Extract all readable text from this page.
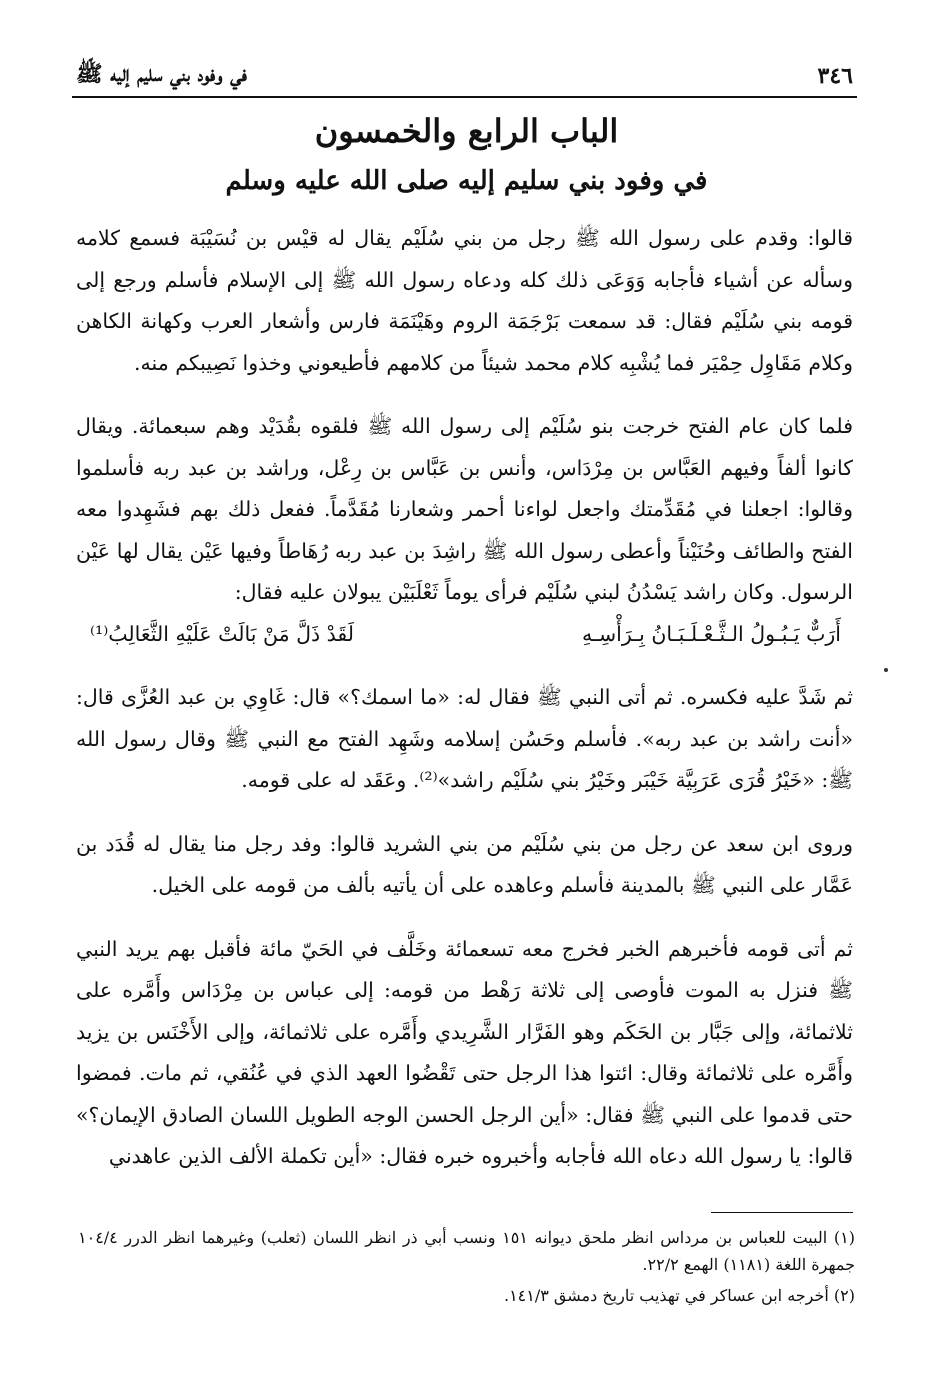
٣٤٦
في وفود بني سليم إليه ﷺ
الباب الرابع والخمسون
في وفود بني سليم إليه صلى الله عليه وسلم

قالوا: وقدم على رسول الله ﷺ رجل من بني سُلَيْم يقال له قيْس بن نُسَيْبَة فسمع كلامه وسأله عن أشياء فأجابه وَوَعَى ذلك كله ودعاه رسول الله ﷺ إلى الإسلام فأسلم ورجع إلى قومه بني سُلَيْم فقال: قد سمعت بَرْجَمَة الروم وهَيْنَمَة فارس وأشعار العرب وكهانة الكاهن وكلام مَقَاوِل حِمْيَر فما يُشْبِه كلام محمد شيئاً من كلامهم فأطيعوني وخذوا نَصِيبكم منه.

فلما كان عام الفتح خرجت بنو سُلَيْم إلى رسول الله ﷺ فلقوه بقُدَيْد وهم سبعمائة. ويقال كانوا ألفاً وفيهم العَبَّاس بن مِرْدَاس، وأنس بن عَبَّاس بن رِعْل، وراشد بن عبد ربه فأسلموا وقالوا: اجعلنا في مُقَدِّمتك واجعل لواءنا أحمر وشعارنا مُقَدَّماً. ففعل ذلك بهم فشَهِدوا معه الفتح والطائف وحُنَيْناً وأعطى رسول الله ﷺ راشِدَ بن عبد ربه رُهَاطاً وفيها عَيْن يقال لها عَيْن الرسول. وكان راشد يَسْدُنُ لبني سُلَيْم فرأى يوماً ثَعْلَبَيْن يبولان عليه فقال:

أَرَبٌّ يَـبُـولُ الـثَّـعْـلَـبَـانُ بِـرَأْسِـهِ
لَقَدْ ذَلَّ مَنْ بَالَتْ عَلَيْهِ الثَّعَالِبُ⁽¹⁾

ثم شَدَّ عليه فكسره. ثم أتى النبي ﷺ فقال له: «ما اسمك؟» قال: غَاوِي بن عبد العُزَّى قال: «أنت راشد بن عبد ربه». فأسلم وحَسُن إسلامه وشَهِد الفتح مع النبي ﷺ وقال رسول الله ﷺ: «خَيْرُ قُرَى عَرَبِيَّة خَيْبَر وخَيْرُ بني سُلَيْم راشد»⁽²⁾. وعَقَد له على قومه.

وروى ابن سعد عن رجل من بني سُلَيْم من بني الشريد قالوا: وفد رجل منا يقال له قُدَد بن عَمَّار على النبي ﷺ بالمدينة فأسلم وعاهده على أن يأتيه بألف من قومه على الخيل.

ثم أتى قومه فأخبرهم الخبر فخرج معه تسعمائة وخَلَّف في الحَيّ مائة فأقبل بهم يريد النبي ﷺ فنزل به الموت فأوصى إلى ثلاثة رَهْط من قومه: إلى عباس بن مِرْدَاس وأَمَّره على ثلاثمائة، وإلى جَبَّار بن الحَكَم وهو الفَرَّار الشَّرِيدي وأَمَّره على ثلاثمائة، وإلى الأَخْنَس بن يزيد وأَمَّره على ثلاثمائة وقال: ائتوا هذا الرجل حتى تَقْضُوا العهد الذي في عُنُقي، ثم مات. فمضوا حتى قدموا على النبي ﷺ فقال: «أين الرجل الحسن الوجه الطويل اللسان الصادق الإيمان؟» قالوا: يا رسول الله دعاه الله فأجابه وأخبروه خبره فقال: «أين تكملة الألف الذين عاهدني

(١) البيت للعباس بن مرداس انظر ملحق ديوانه ١٥١ ونسب أبي ذر انظر اللسان (ثعلب) وغيرهما انظر الدرر ١٠٤/٤ جمهرة اللغة (١١٨١) الهمع ٢٢/٢.

(٢) أخرجه ابن عساكر في تهذيب تاريخ دمشق ١٤١/٣.
